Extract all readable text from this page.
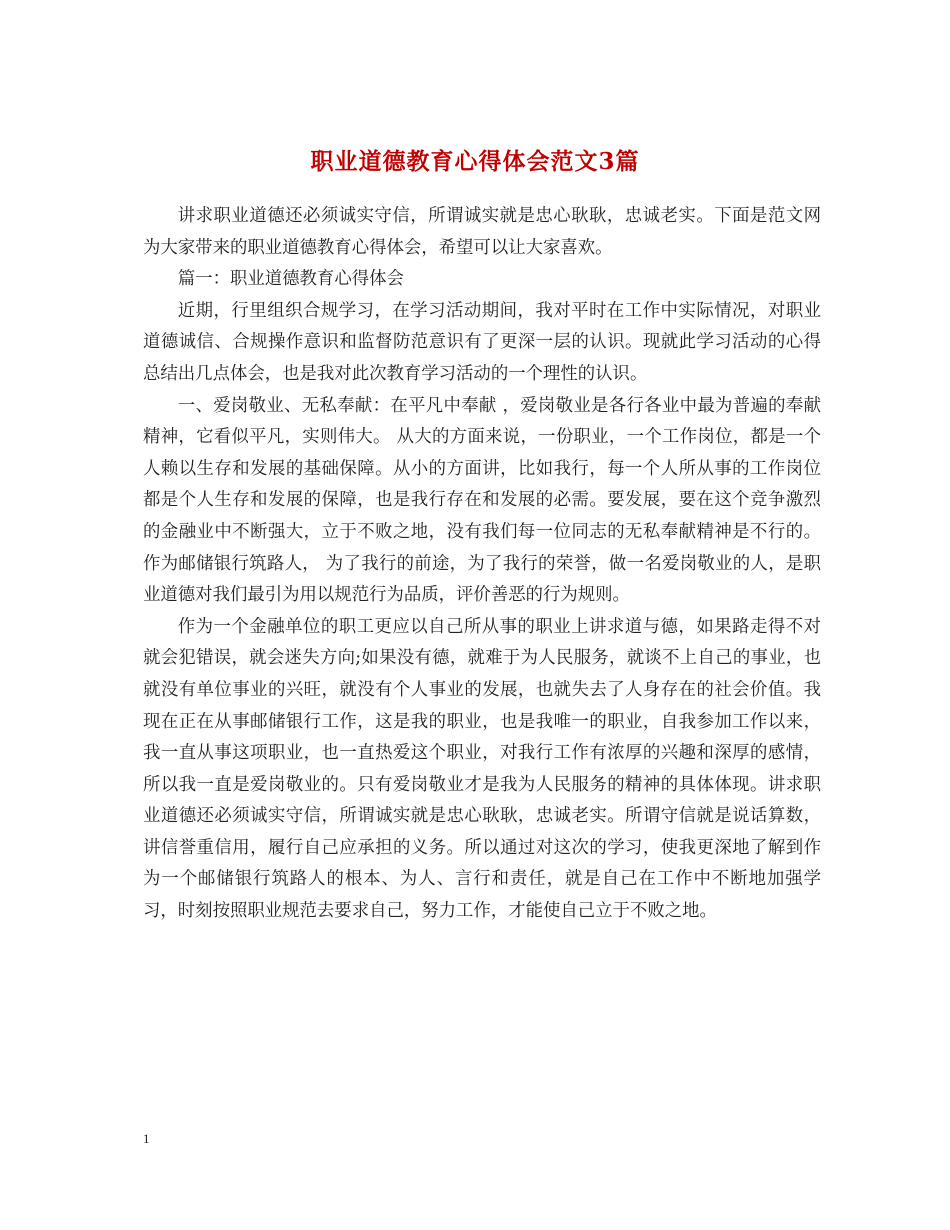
职业道德教育心得体会范文3篇

讲求职业道德还必须诚实守信，所谓诚实就是忠心耿耿，忠诚老实。下面是范文网为大家带来的职业道德教育心得体会，希望可以让大家喜欢。

篇一：职业道德教育心得体会

近期，行里组织合规学习，在学习活动期间，我对平时在工作中实际情况，对职业道德诚信、合规操作意识和监督防范意识有了更深一层的认识。现就此学习活动的心得总结出几点体会，也是我对此次教育学习活动的一个理性的认识。

一、爱岗敬业、无私奉献：在平凡中奉献 ，爱岗敬业是各行各业中最为普遍的奉献精神，它看似平凡，实则伟大。 从大的方面来说，一份职业，一个工作岗位，都是一个人赖以生存和发展的基础保障。从小的方面讲，比如我行，每一个人所从事的工作岗位都是个人生存和发展的保障，也是我行存在和发展的必需。要发展，要在这个竞争激烈的金融业中不断强大，立于不败之地，没有我们每一位同志的无私奉献精神是不行的。作为邮储银行筑路人， 为了我行的前途，为了我行的荣誉，做一名爱岗敬业的人，是职业道德对我们最引为用以规范行为品质，评价善恶的行为规则。

作为一个金融单位的职工更应以自己所从事的职业上讲求道与德，如果路走得不对就会犯错误，就会迷失方向;如果没有德，就难于为人民服务，就谈不上自己的事业，也就没有单位事业的兴旺，就没有个人事业的发展，也就失去了人身存在的社会价值。我现在正在从事邮储银行工作，这是我的职业，也是我唯一的职业，自我参加工作以来，我一直从事这项职业，也一直热爱这个职业，对我行工作有浓厚的兴趣和深厚的感情，所以我一直是爱岗敬业的。只有爱岗敬业才是我为人民服务的精神的具体体现。讲求职业道德还必须诚实守信，所谓诚实就是忠心耿耿，忠诚老实。所谓守信就是说话算数，讲信誉重信用，履行自己应承担的义务。所以通过对这次的学习，使我更深地了解到作为一个邮储银行筑路人的根本、为人、言行和责任，就是自己在工作中不断地加强学习，时刻按照职业规范去要求自己，努力工作，才能使自己立于不败之地。

1
